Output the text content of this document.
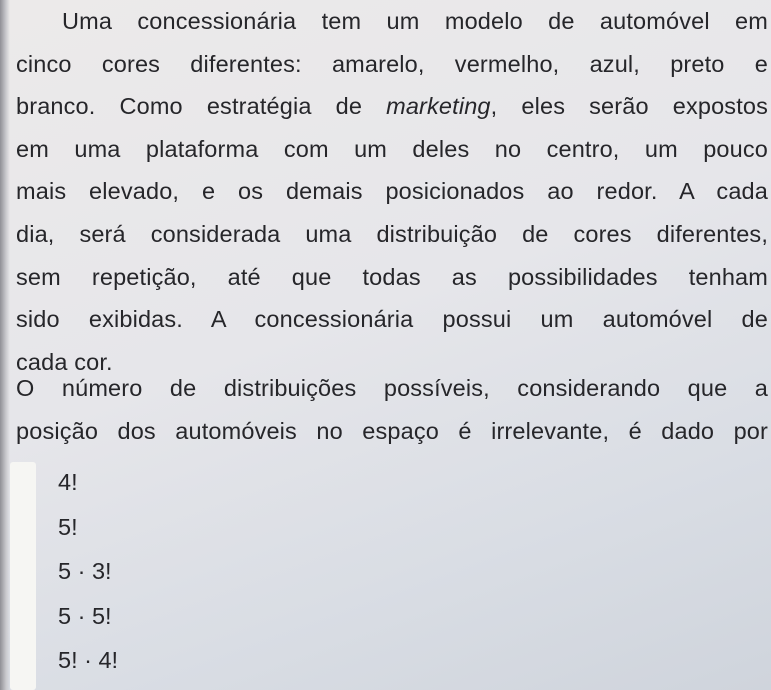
Uma concessionária tem um modelo de automóvel em
cinco cores diferentes: amarelo, vermelho, azul, preto e
branco. Como estratégia de marketing, eles serão expostos
em uma plataforma com um deles no centro, um pouco
mais elevado, e os demais posicionados ao redor. A cada
dia, será considerada uma distribuição de cores diferentes,
sem repetição, até que todas as possibilidades tenham
sido exibidas. A concessionária possui um automóvel de
cada cor.

O número de distribuições possíveis, considerando que a
posição dos automóveis no espaço é irrelevante, é dado por

4!
5!
5 · 3!
5 · 5!
5! · 4!
